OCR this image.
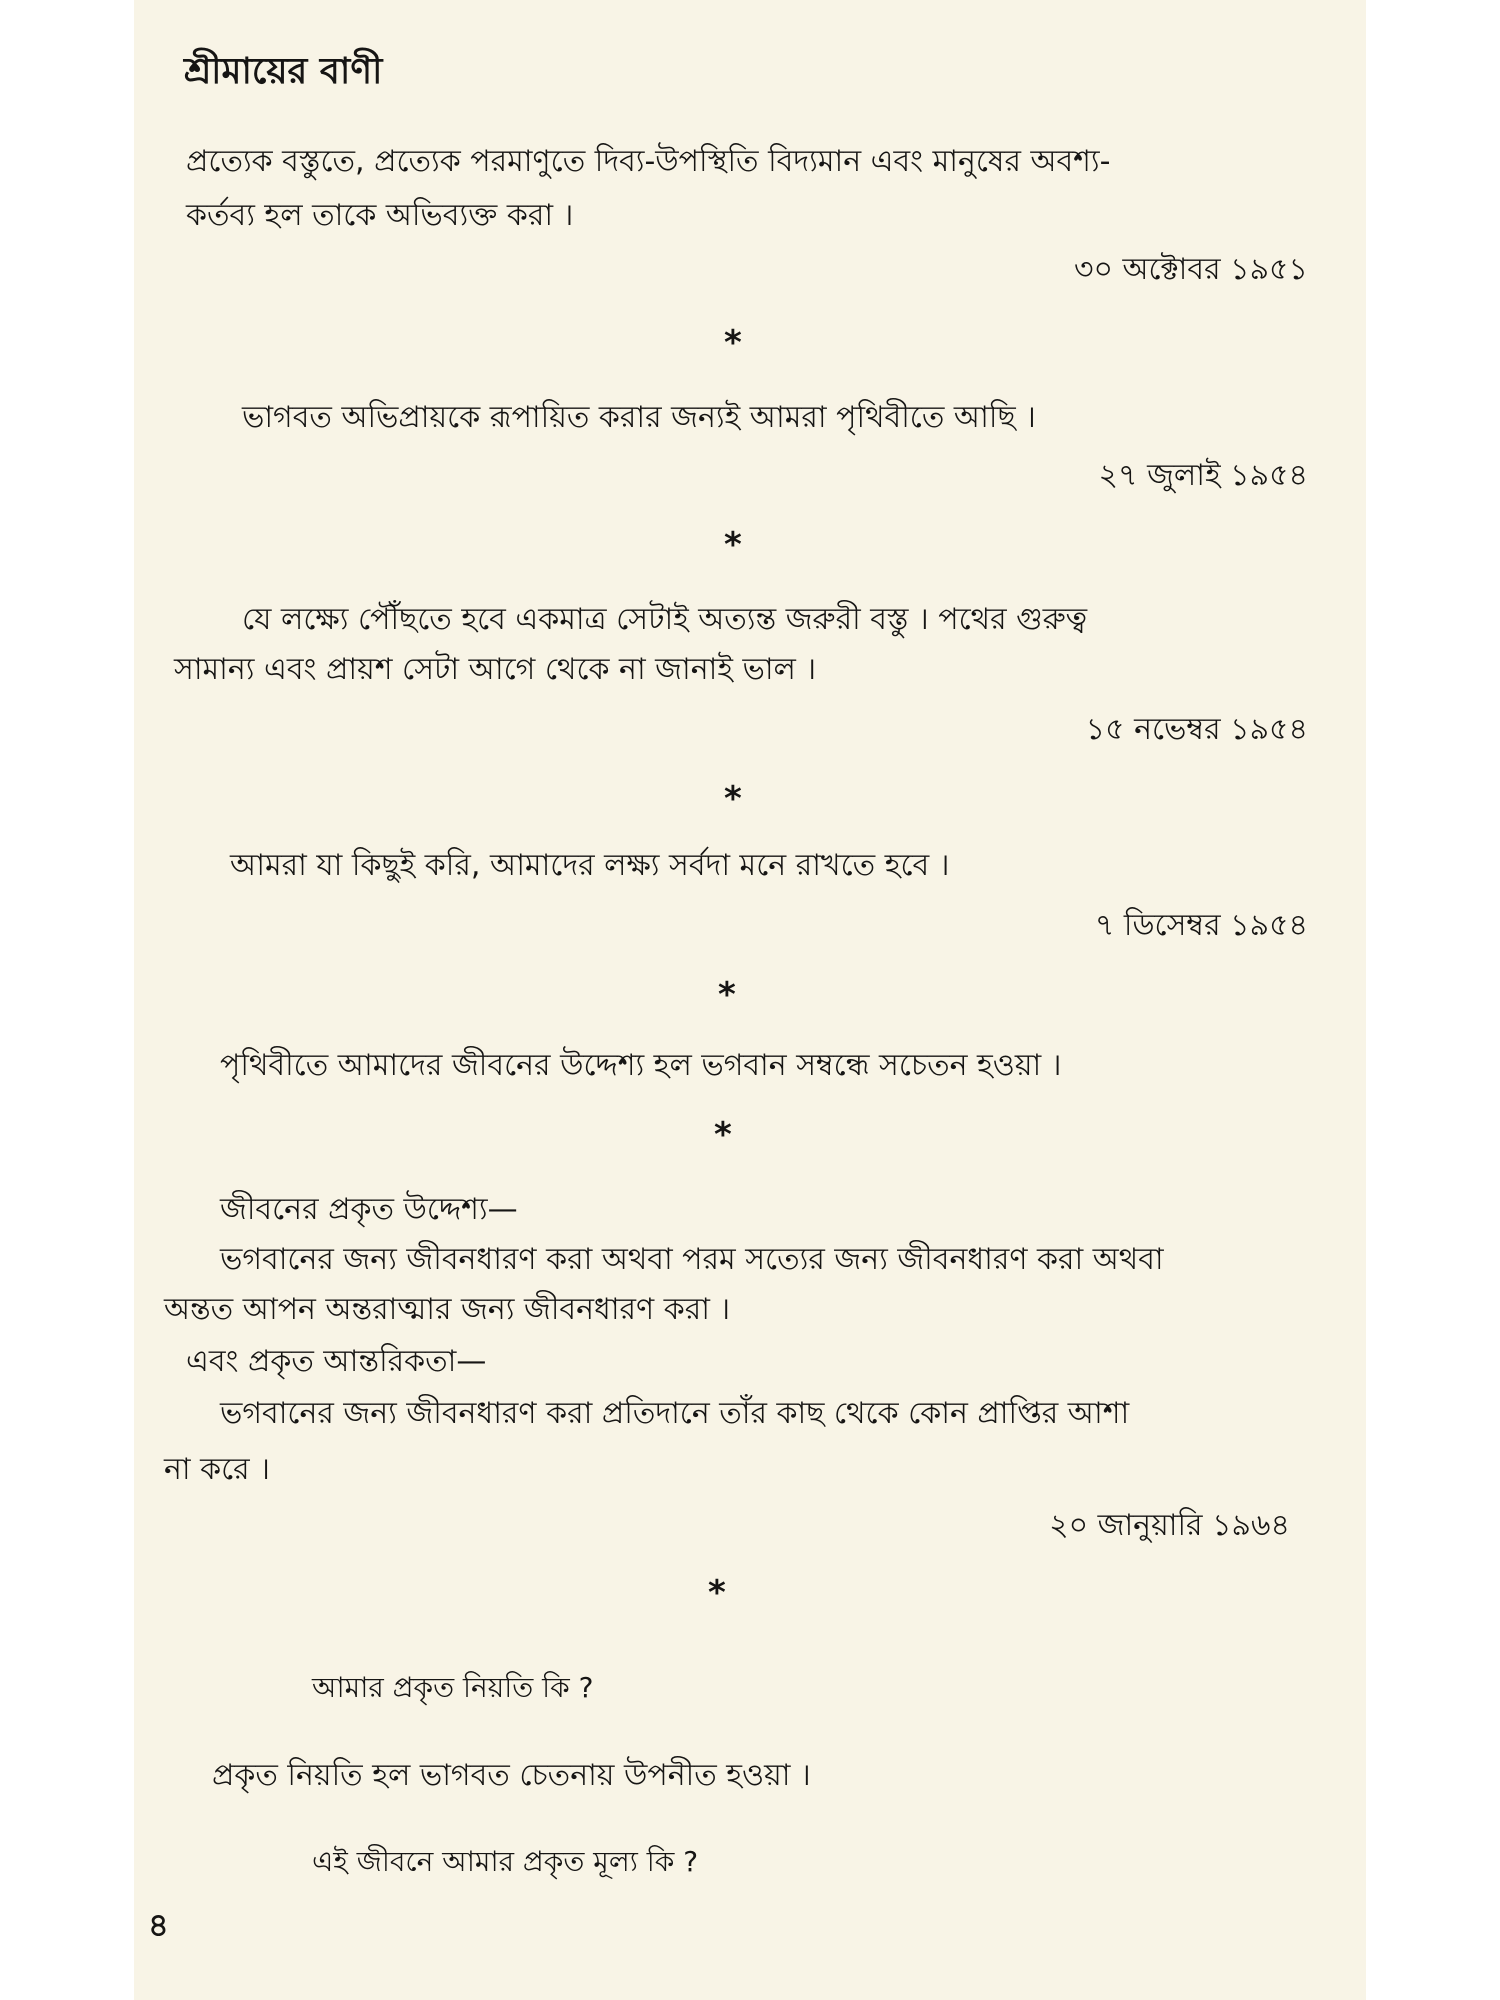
শ্রীমায়ের বাণী
প্রত্যেক বস্তুতে, প্রত্যেক পরমাণুতে দিব্য-উপস্থিতি বিদ্যমান এবং মানুষের অবশ্য-
কর্তব্য হল তাকে অভিব্যক্ত করা ।
৩০ অক্টোবর ১৯৫১
*
ভাগবত অভিপ্রায়কে রূপায়িত করার জন্যই আমরা পৃথিবীতে আছি ।
২৭ জুলাই ১৯৫৪
*
যে লক্ষ্যে পৌঁছতে হবে একমাত্র সেটাই অত্যন্ত জরুরী বস্তু । পথের গুরুত্ব
সামান্য এবং প্রায়শ সেটা আগে থেকে না জানাই ভাল ।
১৫ নভেম্বর ১৯৫৪
*
আমরা যা কিছুই করি, আমাদের লক্ষ্য সর্বদা মনে রাখতে হবে ।
৭ ডিসেম্বর ১৯৫৪
*
পৃথিবীতে আমাদের জীবনের উদ্দেশ্য হল ভগবান সম্বন্ধে সচেতন হওয়া ।
*
জীবনের প্রকৃত উদ্দেশ্য—
ভগবানের জন্য জীবনধারণ করা অথবা পরম সত্যের জন্য জীবনধারণ করা অথবা
অন্তত আপন অন্তরাত্মার জন্য জীবনধারণ করা ।
এবং প্রকৃত আন্তরিকতা—
ভগবানের জন্য জীবনধারণ করা প্রতিদানে তাঁর কাছ থেকে কোন প্রাপ্তির আশা
না করে ।
২০ জানুয়ারি ১৯৬৪
*
আমার প্রকৃত নিয়তি কি ?
প্রকৃত নিয়তি হল ভাগবত চেতনায় উপনীত হওয়া ।
এই জীবনে আমার প্রকৃত মূল্য কি ?
৪
